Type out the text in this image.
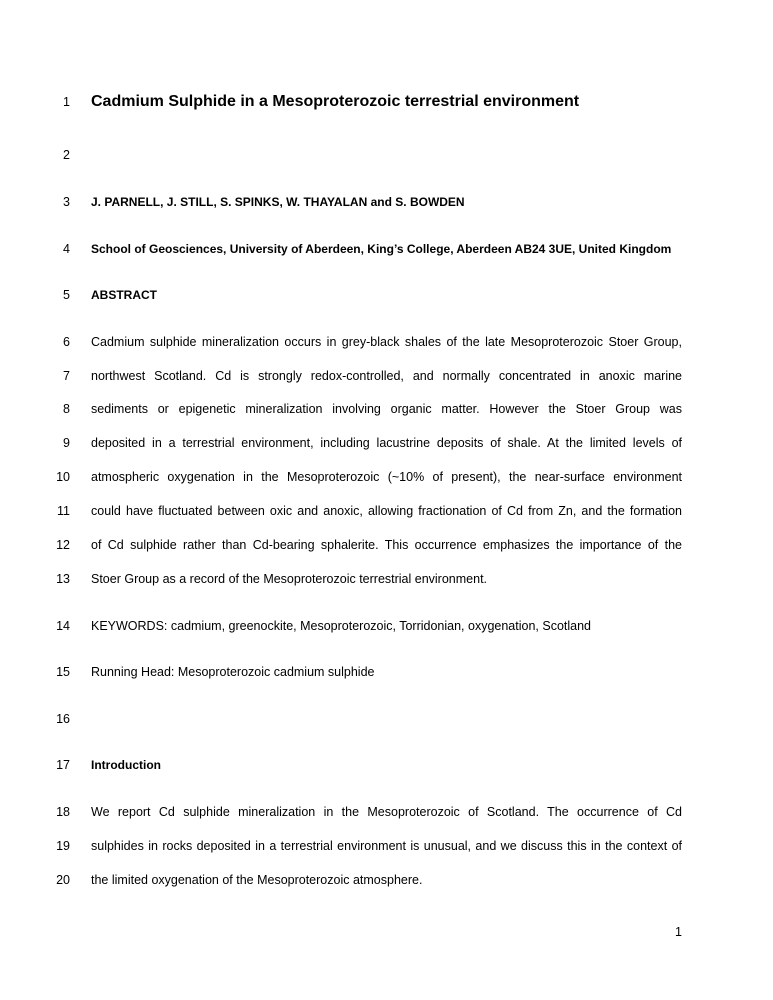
1 Cadmium Sulphide in a Mesoproterozoic terrestrial environment
2
3 J. PARNELL, J. STILL, S. SPINKS, W. THAYALAN and S. BOWDEN
4 School of Geosciences, University of Aberdeen, King’s College, Aberdeen AB24 3UE, United Kingdom
5 ABSTRACT
6 Cadmium sulphide mineralization occurs in grey-black shales of the late Mesoproterozoic Stoer Group,
7 northwest Scotland. Cd is strongly redox-controlled, and normally concentrated in anoxic marine
8 sediments or epigenetic mineralization involving organic matter. However the Stoer Group was
9 deposited in a terrestrial environment, including lacustrine deposits of shale. At the limited levels of
10 atmospheric oxygenation in the Mesoproterozoic (~10% of present), the near-surface environment
11 could have fluctuated between oxic and anoxic, allowing fractionation of Cd from Zn, and the formation
12 of Cd sulphide rather than Cd-bearing sphalerite. This occurrence emphasizes the importance of the
13 Stoer Group as a record of the Mesoproterozoic terrestrial environment.
14 KEYWORDS: cadmium, greenockite, Mesoproterozoic, Torridonian, oxygenation, Scotland
15 Running Head: Mesoproterozoic cadmium sulphide
16
17 Introduction
18 We report Cd sulphide mineralization in the Mesoproterozoic of Scotland. The occurrence of Cd
19 sulphides in rocks deposited in a terrestrial environment is unusual, and we discuss this in the context of
20 the limited oxygenation of the Mesoproterozoic atmosphere.
1
